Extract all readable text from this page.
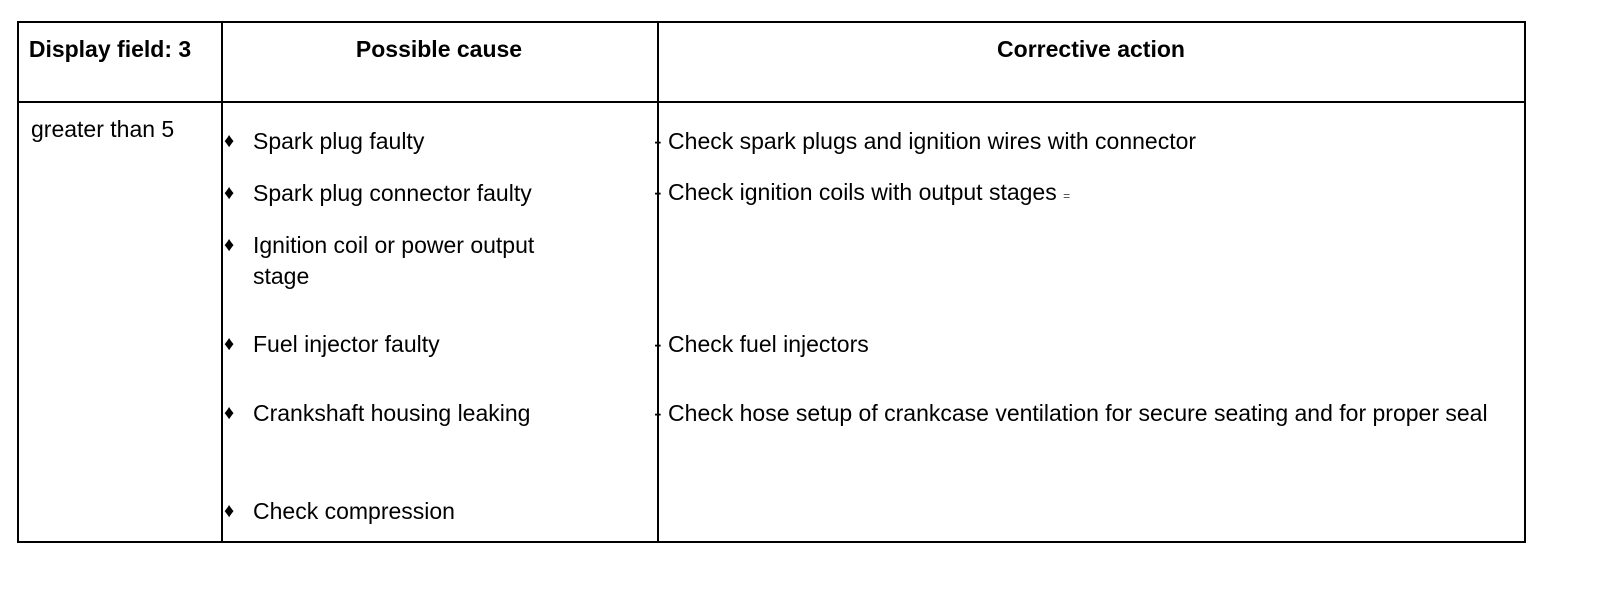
Display field: 3	Possible cause	Corrective action
greater than 5 ♦ Spark plug faulty
♦ Spark plug connector faulty
♦ Ignition coil or power output stage
♦ Fuel injector faulty
♦ Crankshaft housing leaking
♦ Check compression
- Check spark plugs and ignition wires with connector
- Check ignition coils with output stages =
- Check fuel injectors
- Check hose setup of crankcase ventilation for secure seating and for proper seal
